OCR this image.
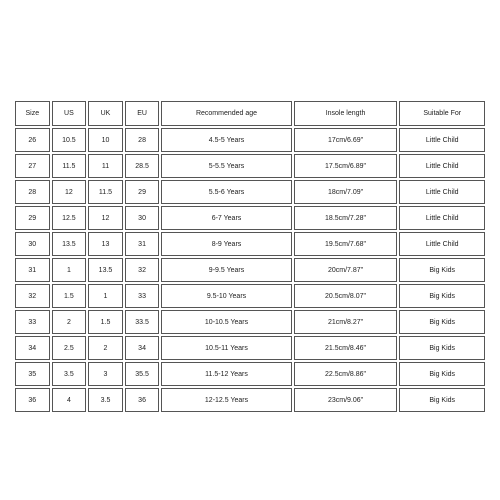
Size	US	UK	EU	Recommended age	Insole length	Suitable For
26	10.5	10	28	4.5-5 Years	17cm/6.69"	Little Child
27	11.5	11	28.5	5-5.5 Years	17.5cm/6.89"	Little Child
28	12	11.5	29	5.5-6 Years	18cm/7.09"	Little Child
29	12.5	12	30	6-7 Years	18.5cm/7.28"	Little Child
30	13.5	13	31	8-9 Years	19.5cm/7.68"	Little Child
31	1	13.5	32	9-9.5 Years	20cm/7.87"	Big Kids
32	1.5	1	33	9.5-10 Years	20.5cm/8.07"	Big Kids
33	2	1.5	33.5	10-10.5 Years	21cm/8.27"	Big Kids
34	2.5	2	34	10.5-11 Years	21.5cm/8.46"	Big Kids
35	3.5	3	35.5	11.5-12 Years	22.5cm/8.86"	Big Kids
36	4	3.5	36	12-12.5 Years	23cm/9.06"	Big Kids
